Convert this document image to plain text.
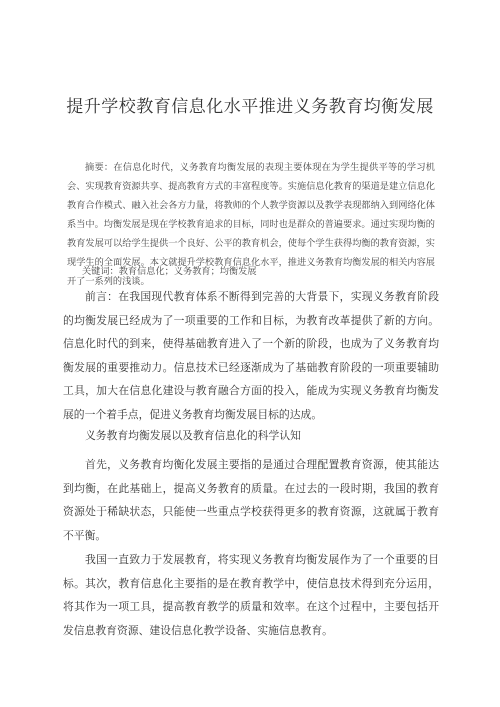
提升学校教育信息化水平推进义务教育均衡发展
摘要：在信息化时代，义务教育均衡发展的表现主要体现在为学生提供平等的学习机会、实现教育资源共享、提高教育方式的丰富程度等。实施信息化教育的渠道是建立信息化教育合作模式、融入社会各方力量，将教师的个人教学资源以及教学表现都纳入到网络化体系当中。均衡发展是现在学校教育追求的目标，同时也是群众的普遍要求。通过实现均衡的教育发展可以给学生提供一个良好、公平的教育机会，使每个学生获得均衡的教育资源，实现学生的全面发展。本文就提升学校教育信息化水平，推进义务教育均衡发展的相关内容展开了一系列的浅谈。
关键词：教育信息化；义务教育；均衡发展
前言：在我国现代教育体系不断得到完善的大背景下，实现义务教育阶段的均衡发展已经成为了一项重要的工作和目标，为教育改革提供了新的方向。信息化时代的到来，使得基础教育进入了一个新的阶段，也成为了义务教育均衡发展的重要推动力。信息技术已经逐渐成为了基础教育阶段的一项重要辅助工具，加大在信息化建设与教育融合方面的投入，能成为实现义务教育均衡发展的一个着手点，促进义务教育均衡发展目标的达成。
义务教育均衡发展以及教育信息化的科学认知
首先，义务教育均衡化发展主要指的是通过合理配置教育资源，使其能达到均衡，在此基础上，提高义务教育的质量。在过去的一段时期，我国的教育资源处于稀缺状态，只能使一些重点学校获得更多的教育资源，这就属于教育不平衡。
我国一直致力于发展教育，将实现义务教育均衡发展作为了一个重要的目标。其次，教育信息化主要指的是在教育教学中，使信息技术得到充分运用，将其作为一项工具，提高教育教学的质量和效率。在这个过程中，主要包括开发信息教育资源、建设信息化教学设备、实施信息教育。
